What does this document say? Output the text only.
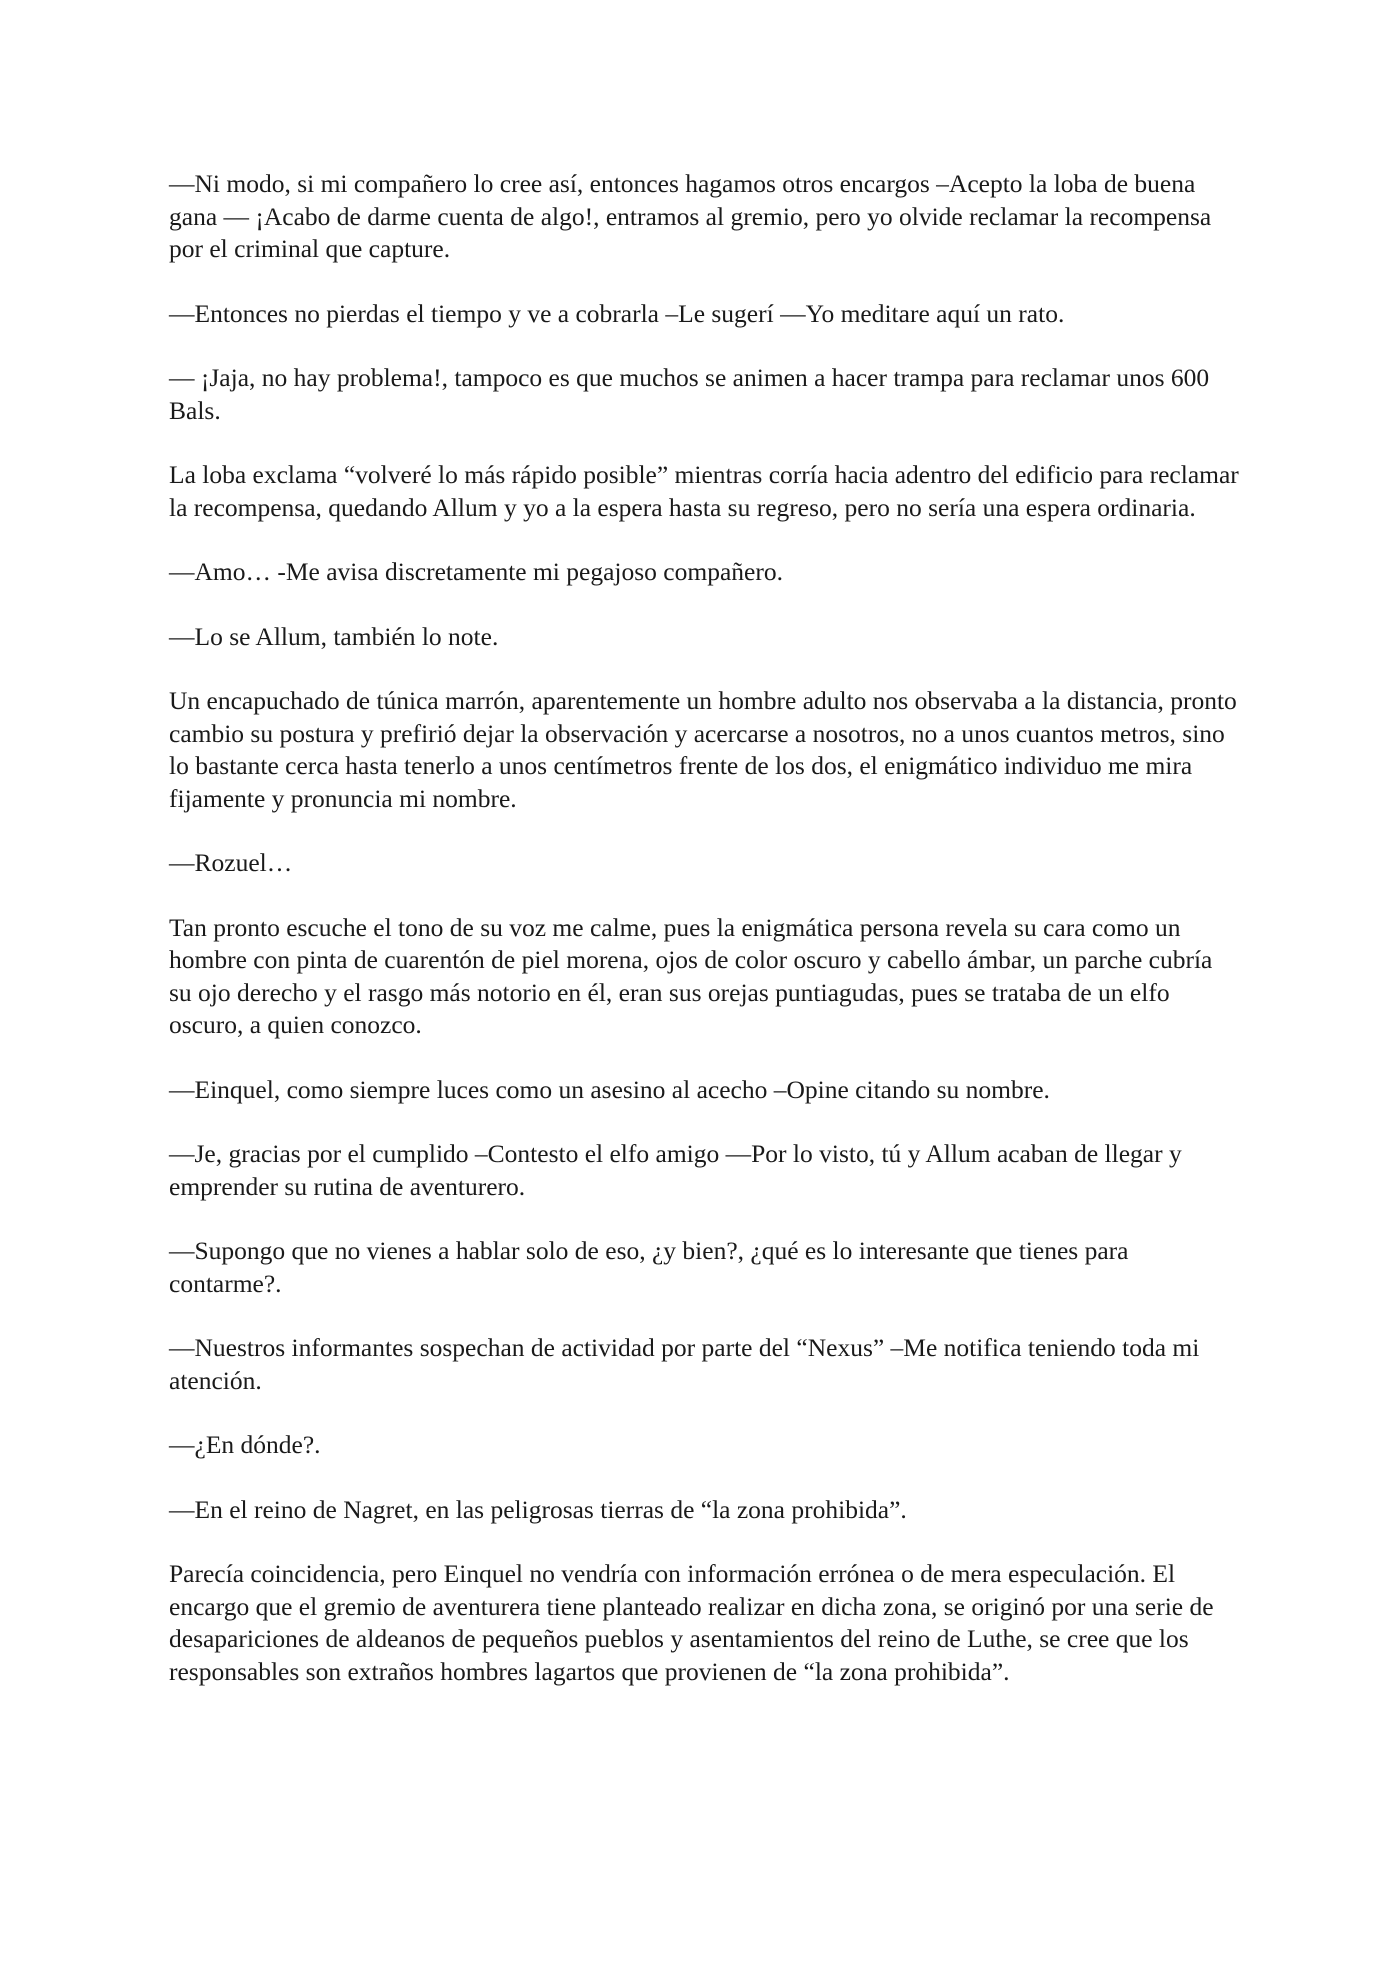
—Ni modo, si mi compañero lo cree así, entonces hagamos otros encargos –Acepto la loba de buena gana — ¡Acabo de darme cuenta de algo!, entramos al gremio, pero yo olvide reclamar la recompensa por el criminal que capture.

—Entonces no pierdas el tiempo y ve a cobrarla –Le sugerí —Yo meditare aquí un rato.

— ¡Jaja, no hay problema!, tampoco es que muchos se animen a hacer trampa para reclamar unos 600 Bals.

La loba exclama “volveré lo más rápido posible” mientras corría hacia adentro del edificio para reclamar la recompensa, quedando Allum y yo a la espera hasta su regreso, pero no sería una espera ordinaria.

—Amo… -Me avisa discretamente mi pegajoso compañero.

—Lo se Allum, también lo note.

Un encapuchado de túnica marrón, aparentemente un hombre adulto nos observaba a la distancia, pronto cambio su postura y prefirió dejar la observación y acercarse a nosotros, no a unos cuantos metros, sino lo bastante cerca hasta tenerlo a unos centímetros frente de los dos, el enigmático individuo me mira fijamente y pronuncia mi nombre.

—Rozuel…

Tan pronto escuche el tono de su voz me calme, pues la enigmática persona revela su cara como un hombre con pinta de cuarentón de piel morena, ojos de color oscuro y cabello ámbar, un parche cubría su ojo derecho y el rasgo más notorio en él, eran sus orejas puntiagudas, pues se trataba de un elfo oscuro, a quien conozco.

—Einquel, como siempre luces como un asesino al acecho –Opine citando su nombre.

—Je, gracias por el cumplido –Contesto el elfo amigo —Por lo visto, tú y Allum acaban de llegar y emprender su rutina de aventurero.

—Supongo que no vienes a hablar solo de eso, ¿y bien?, ¿qué es lo interesante que tienes para contarme?.

—Nuestros informantes sospechan de actividad por parte del “Nexus” –Me notifica teniendo toda mi atención.

—¿En dónde?.

—En el reino de Nagret, en las peligrosas tierras de “la zona prohibida”.

Parecía coincidencia, pero Einquel no vendría con información errónea o de mera especulación. El encargo que el gremio de aventurera tiene planteado realizar en dicha zona, se originó por una serie de desapariciones de aldeanos de pequeños pueblos y asentamientos del reino de Luthe, se cree que los responsables son extraños hombres lagartos que provienen de “la zona prohibida”.
